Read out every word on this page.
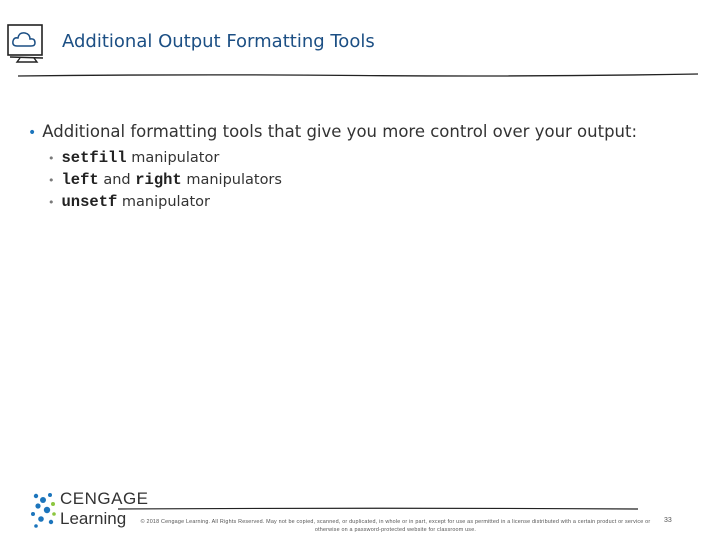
Additional Output Formatting Tools
• Additional formatting tools that give you more control over your output:
• setfill manipulator
• left and right manipulators
• unsetf manipulator
CENGAGE
Learning	© 2018 Cengage Learning. All Rights Reserved. May not be copied, scanned, or duplicated, in whole or in part, except for use as permitted in a license distributed with a certain product or service or otherwise on a password-protected website for classroom use.
33
